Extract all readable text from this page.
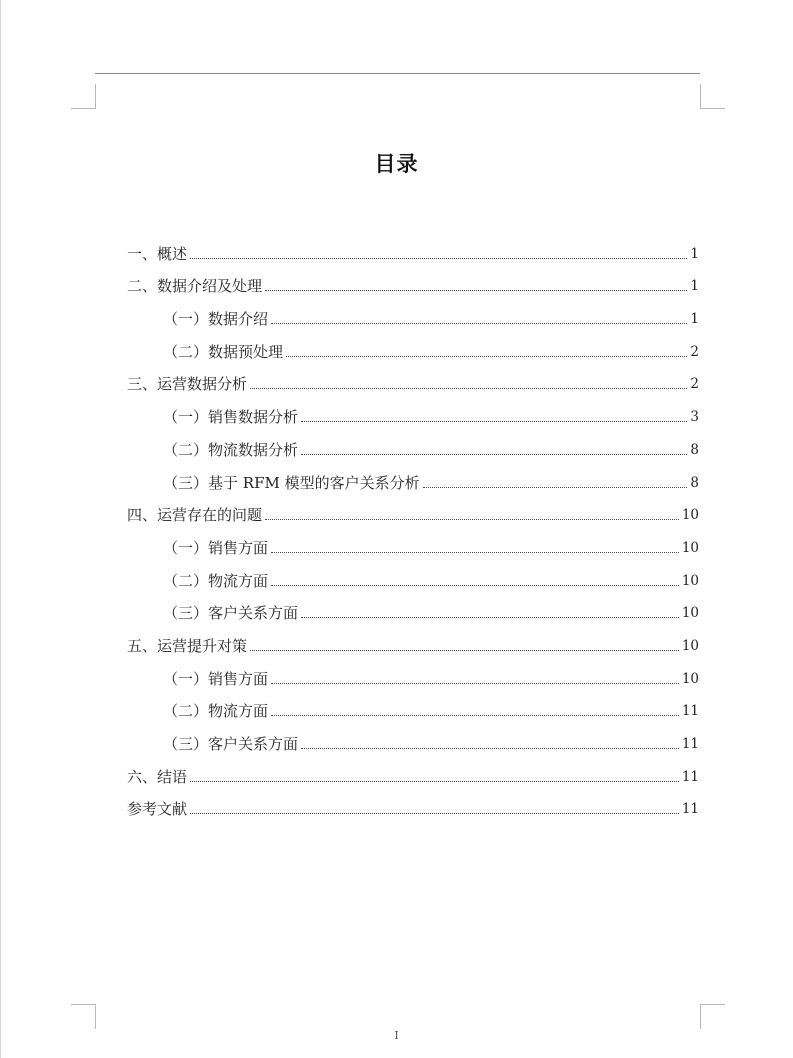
目录
一、概述	1
二、数据介绍及处理	1
（一）数据介绍	1
（二）数据预处理	2
三、运营数据分析	2
（一）销售数据分析	3
（二）物流数据分析	8
（三）基于 RFM 模型的客户关系分析	8
四、运营存在的问题	10
（一）销售方面	10
（二）物流方面	10
（三）客户关系方面	10
五、运营提升对策	10
（一）销售方面	10
（二）物流方面	11
（三）客户关系方面	11
六、结语	11
参考文献	11
I
